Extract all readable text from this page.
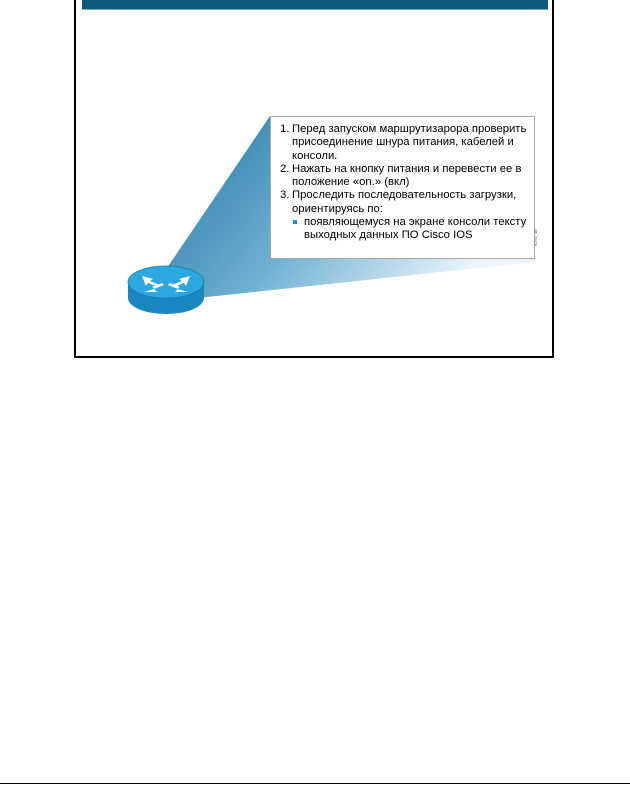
1. Перед запуском маршрутизарора проверить присоединение шнура питания, кабелей и консоли.
2. Нажать на кнопку питания и перевести ее в положение «on.» (вкл)
3. Проследить последовательность загрузки, ориентируясь по:
появляющемуся на экране консоли тексту выходных данных ПО Cisco IOS	ICND_4B
